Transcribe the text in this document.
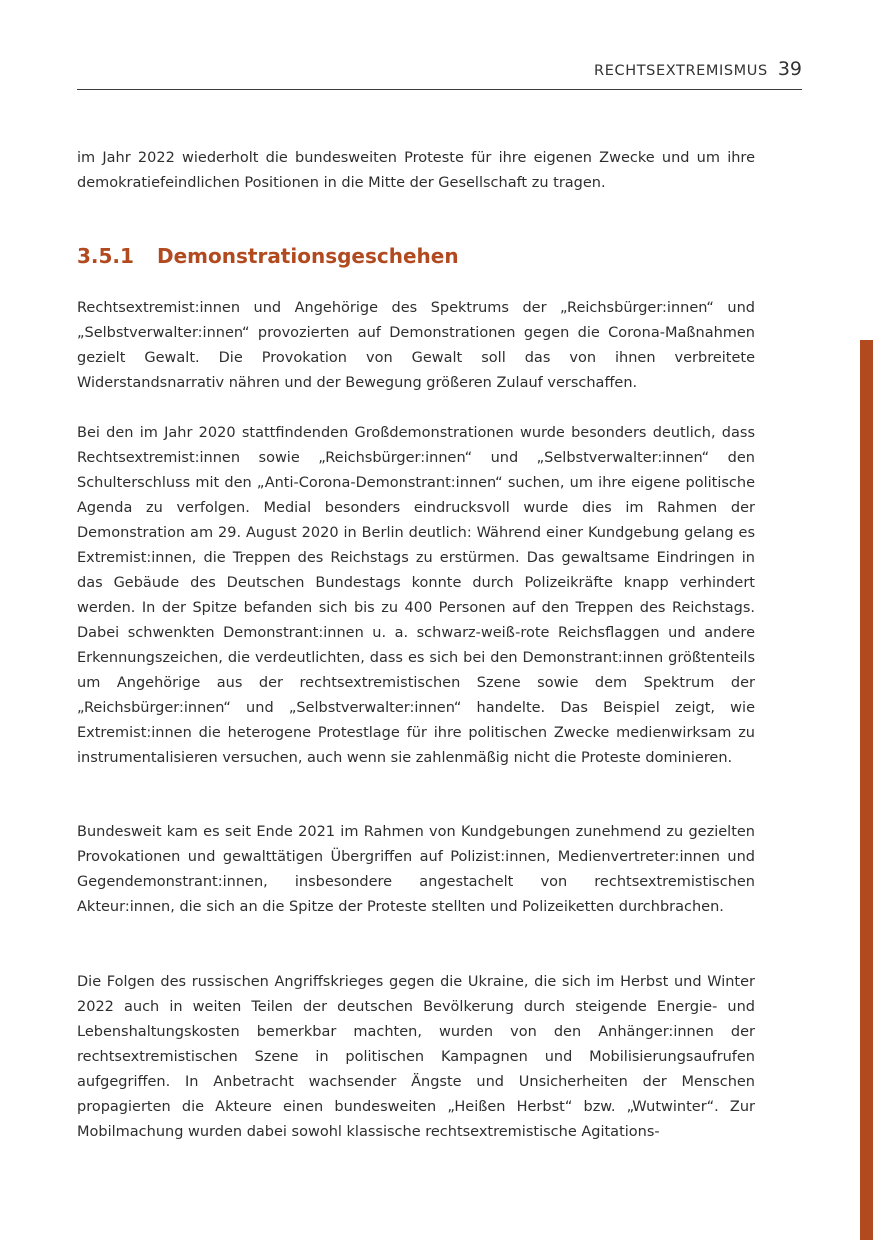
RECHTSEXTREMISMUS 39

im Jahr 2022 wiederholt die bundesweiten Proteste für ihre eigenen Zwecke und um ihre demokratiefeindlichen Positionen in die Mitte der Gesellschaft zu tragen.

3.5.1 Demonstrationsgeschehen

Rechtsextremist:innen und Angehörige des Spektrums der „Reichsbürger:innen“ und „Selbstverwalter:innen“ provozierten auf Demonstrationen gegen die Corona-Maßnahmen gezielt Gewalt. Die Provokation von Gewalt soll das von ihnen verbreitete Widerstandsnarrativ nähren und der Bewegung größeren Zulauf verschaffen.

Bei den im Jahr 2020 stattfindenden Großdemonstrationen wurde besonders deutlich, dass Rechtsextremist:innen sowie „Reichsbürger:innen“ und „Selbstverwalter:innen“ den Schulterschluss mit den „Anti-Corona-Demonstrant:innen“ suchen, um ihre eigene politische Agenda zu verfolgen. Medial besonders eindrucksvoll wurde dies im Rahmen der Demonstration am 29. August 2020 in Berlin deutlich: Während einer Kundgebung gelang es Extremist:innen, die Treppen des Reichstags zu erstürmen. Das gewaltsame Eindringen in das Gebäude des Deutschen Bundestags konnte durch Polizeikräfte knapp verhindert werden. In der Spitze befanden sich bis zu 400 Personen auf den Treppen des Reichstags. Dabei schwenkten Demonstrant:innen u. a. schwarz-weiß-rote Reichsflaggen und andere Erkennungszeichen, die verdeutlichten, dass es sich bei den Demonstrant:innen größtenteils um Angehörige aus der rechtsextremistischen Szene sowie dem Spektrum der „Reichsbürger:innen“ und „Selbstverwalter:innen“ handelte. Das Beispiel zeigt, wie Extremist:innen die heterogene Protestlage für ihre politischen Zwecke medienwirksam zu instrumentalisieren versuchen, auch wenn sie zahlenmäßig nicht die Proteste dominieren.

Bundesweit kam es seit Ende 2021 im Rahmen von Kundgebungen zunehmend zu gezielten Provokationen und gewalttätigen Übergriffen auf Polizist:innen, Medienvertreter:innen und Gegendemonstrant:innen, insbesondere angestachelt von rechtsextremistischen Akteur:innen, die sich an die Spitze der Proteste stellten und Polizeiketten durchbrachen.

Die Folgen des russischen Angriffskrieges gegen die Ukraine, die sich im Herbst und Winter 2022 auch in weiten Teilen der deutschen Bevölkerung durch steigende Energie- und Lebenshaltungskosten bemerkbar machten, wurden von den Anhänger:innen der rechtsextremistischen Szene in politischen Kampagnen und Mobilisierungsaufrufen aufgegriffen. In Anbetracht wachsender Ängste und Unsicherheiten der Menschen propagierten die Akteure einen bundesweiten „Heißen Herbst“ bzw. „Wutwinter“. Zur Mobilmachung wurden dabei sowohl klassische rechtsextremistische Agitations-
